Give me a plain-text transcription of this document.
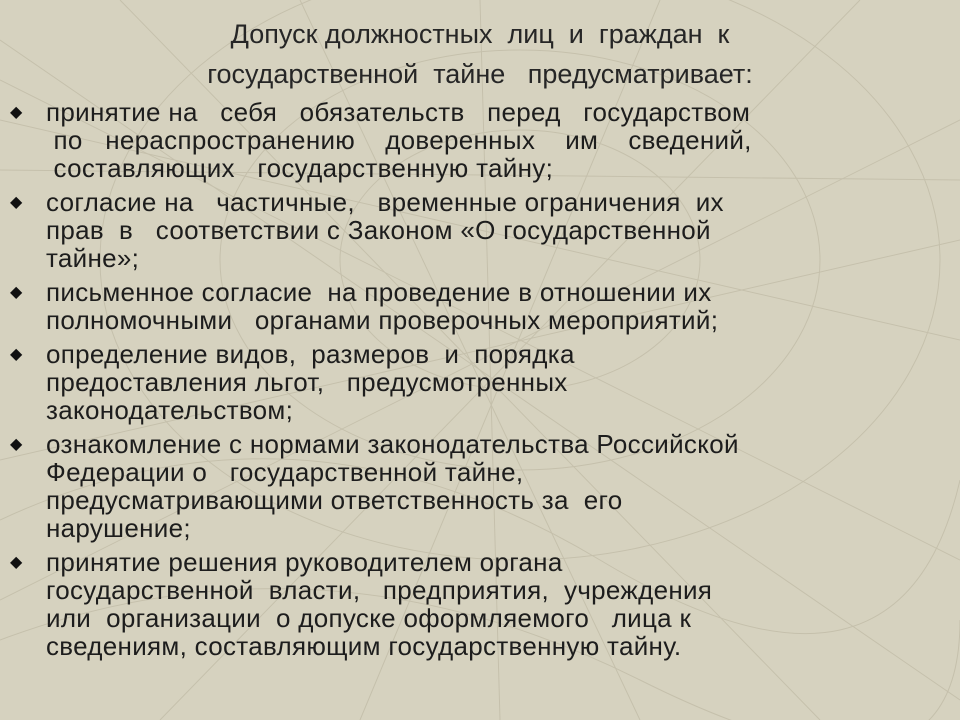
Допуск должностных  лиц  и  граждан  к
государственной  тайне   предусматривает:
◆ принятие на   себя   обязательств   перед   государством
по   нераспространению    доверенных    им    сведений,
составляющих   государственную тайну;
◆ согласие на   частичные,   временные ограничения  их
прав  в   соответствии с Законом «О государственной
тайне»;
◆ письменное согласие  на проведение в отношении их
полномочными   органами проверочных мероприятий;
◆ определение видов,  размеров  и  порядка
предоставления льгот,   предусмотренных
законодательством;
◆ ознакомление с нормами законодательства Российской
Федерации о   государственной тайне,
предусматривающими ответственность за  его
нарушение;
◆ принятие решения руководителем органа
государственной  власти,   предприятия,  учреждения
или  организации  о допуске оформляемого   лица к
сведениям, составляющим государственную тайну.
